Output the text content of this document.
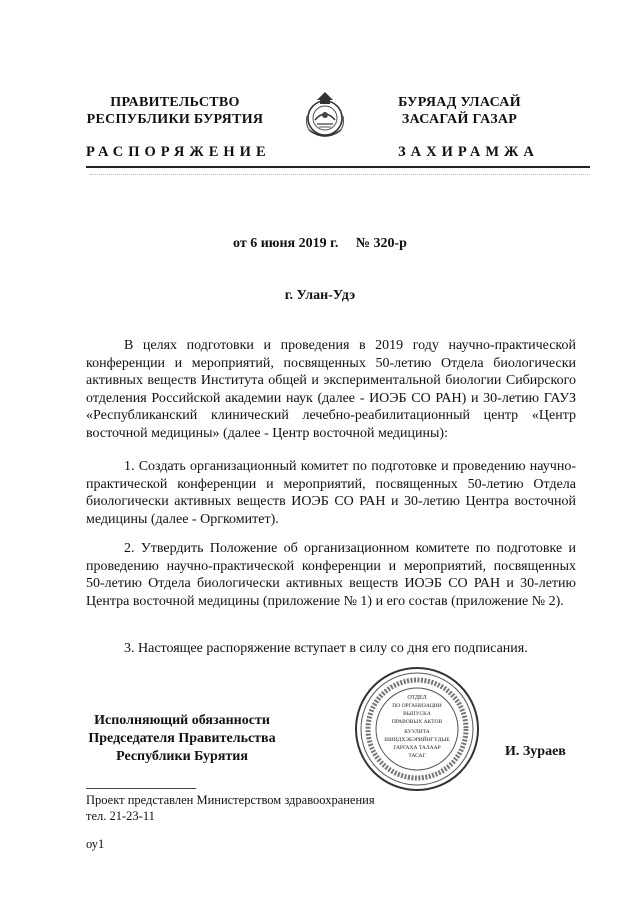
ПРАВИТЕЛЬСТВО
РЕСПУБЛИКИ БУРЯТИЯ
БУРЯАД УЛАСАЙ
ЗАСАГАЙ ГАЗАР
РАСПОРЯЖЕНИЕ	ЗАХИРАМЖА
от 6 июня 2019 г. № 320-р
г. Улан-Удэ
В целях подготовки и проведения в 2019 году научно-практической конференции и мероприятий, посвященных 50-летию Отдела биологически активных веществ Института общей и экспериментальной биологии Сибирского отделения Российской академии наук (далее - ИОЭБ СО РАН) и 30-летию ГАУЗ «Республиканский клинический лечебно-реабилитационный центр «Центр восточной медицины» (далее - Центр восточной медицины):
1. Создать организационный комитет по подготовке и проведению научно-практической конференции и мероприятий, посвященных 50-летию Отдела биологически активных веществ ИОЭБ СО РАН и 30-летию Центра восточной медицины (далее - Оргкомитет).
2. Утвердить Положение об организационном комитете по подготовке и проведению научно-практической конференции и мероприятий, посвященных 50-летию Отдела биологически активных веществ ИОЭБ СО РАН и 30-летию Центра восточной медицины (приложение № 1) и его состав (приложение № 2).
3. Настоящее распоряжение вступает в силу со дня его подписания.
Исполняющий обязанности
Председателя Правительства
Республики Бурятия
ОТДЕЛ
ПО ОРГАНИЗАЦИИ
ВЫПУСКА
ПРАВОВЫХ АКТОВ
КУУЛИТА
ШИИДХЭБЭРИЙНГҮДЫЕ
ГАРГАХА ТАЛААР
ТАСАГ	И. Зураев
Проект представлен Министерством здравоохранения
тел. 21-23-11
оу1
